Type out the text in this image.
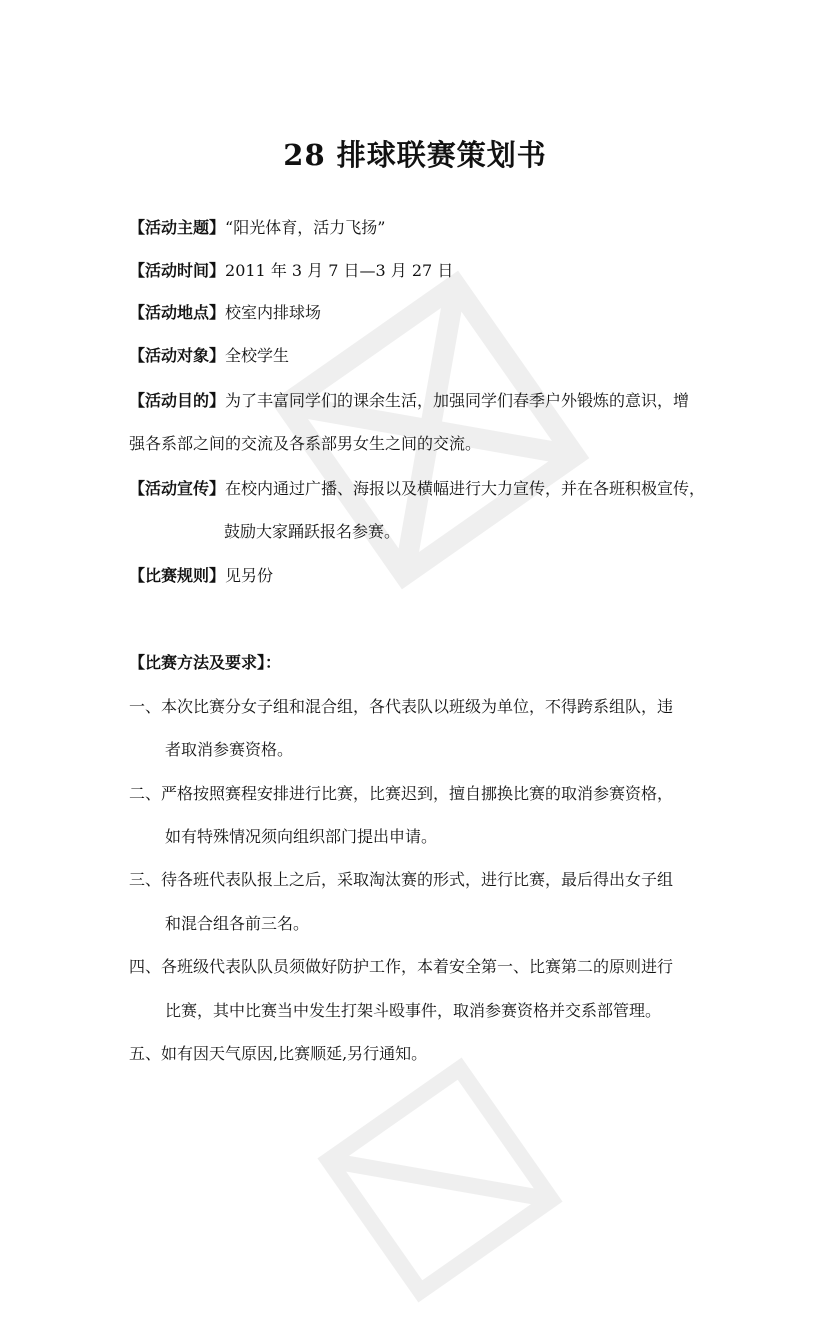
28 排球联赛策划书
【活动主题】“阳光体育，活力飞扬”
【活动时间】2011 年 3 月 7 日—3 月 27 日
【活动地点】校室内排球场
【活动对象】全校学生
【活动目的】为了丰富同学们的课余生活，加强同学们春季户外锻炼的意识，增
强各系部之间的交流及各系部男女生之间的交流。
【活动宣传】在校内通过广播、海报以及横幅进行大力宣传，并在各班积极宣传，
鼓励大家踊跃报名参赛。
【比赛规则】见另份
【比赛方法及要求】：
一、本次比赛分女子组和混合组，各代表队以班级为单位，不得跨系组队，违
者取消参赛资格。
二、严格按照赛程安排进行比赛，比赛迟到，擅自挪换比赛的取消参赛资格，
如有特殊情况须向组织部门提出申请。
三、待各班代表队报上之后，采取淘汰赛的形式，进行比赛，最后得出女子组
和混合组各前三名。
四、各班级代表队队员须做好防护工作，本着安全第一、比赛第二的原则进行
比赛，其中比赛当中发生打架斗殴事件，取消参赛资格并交系部管理。
五、如有因天气原因,比赛顺延,另行通知。
